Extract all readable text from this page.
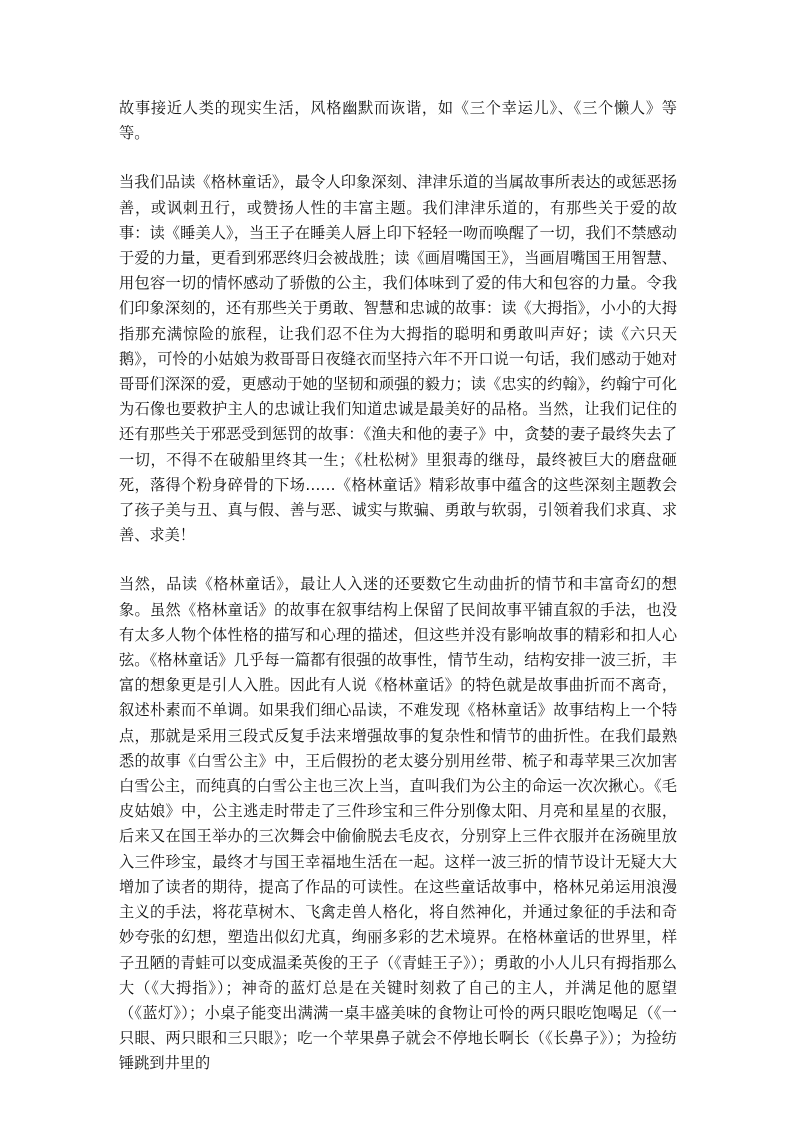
故事接近人类的现实生活，风格幽默而诙谐，如《三个幸运儿》、《三个懒人》等等。

当我们品读《格林童话》，最令人印象深刻、津津乐道的当属故事所表达的或惩恶扬善，或讽刺丑行，或赞扬人性的丰富主题。我们津津乐道的，有那些关于爱的故事：读《睡美人》，当王子在睡美人唇上印下轻轻一吻而唤醒了一切，我们不禁感动于爱的力量，更看到邪恶终归会被战胜；读《画眉嘴国王》，当画眉嘴国王用智慧、用包容一切的情怀感动了骄傲的公主，我们体味到了爱的伟大和包容的力量。令我们印象深刻的，还有那些关于勇敢、智慧和忠诚的故事：读《大拇指》，小小的大拇指那充满惊险的旅程，让我们忍不住为大拇指的聪明和勇敢叫声好；读《六只天鹅》，可怜的小姑娘为救哥哥日夜缝衣而坚持六年不开口说一句话，我们感动于她对哥哥们深深的爱，更感动于她的坚韧和顽强的毅力；读《忠实的约翰》，约翰宁可化为石像也要救护主人的忠诚让我们知道忠诚是最美好的品格。当然，让我们记住的还有那些关于邪恶受到惩罚的故事：《渔夫和他的妻子》中，贪婪的妻子最终失去了一切，不得不在破船里终其一生；《杜松树》里狠毒的继母，最终被巨大的磨盘砸死，落得个粉身碎骨的下场……《格林童话》精彩故事中蕴含的这些深刻主题教会了孩子美与丑、真与假、善与恶、诚实与欺骗、勇敢与软弱，引领着我们求真、求善、求美！

当然，品读《格林童话》，最让人入迷的还要数它生动曲折的情节和丰富奇幻的想象。虽然《格林童话》的故事在叙事结构上保留了民间故事平铺直叙的手法，也没有太多人物个体性格的描写和心理的描述，但这些并没有影响故事的精彩和扣人心弦。《格林童话》几乎每一篇都有很强的故事性，情节生动，结构安排一波三折，丰富的想象更是引人入胜。因此有人说《格林童话》的特色就是故事曲折而不离奇，叙述朴素而不单调。如果我们细心品读，不难发现《格林童话》故事结构上一个特点，那就是采用三段式反复手法来增强故事的复杂性和情节的曲折性。在我们最熟悉的故事《白雪公主》中，王后假扮的老太婆分别用丝带、梳子和毒苹果三次加害白雪公主，而纯真的白雪公主也三次上当，直叫我们为公主的命运一次次揪心。《毛皮姑娘》中，公主逃走时带走了三件珍宝和三件分别像太阳、月亮和星星的衣服，后来又在国王举办的三次舞会中偷偷脱去毛皮衣，分别穿上三件衣服并在汤碗里放入三件珍宝，最终才与国王幸福地生活在一起。这样一波三折的情节设计无疑大大增加了读者的期待，提高了作品的可读性。在这些童话故事中，格林兄弟运用浪漫主义的手法，将花草树木、飞禽走兽人格化，将自然神化，并通过象征的手法和奇妙夸张的幻想，塑造出似幻尤真，绚丽多彩的艺术境界。在格林童话的世界里，样子丑陋的青蛙可以变成温柔英俊的王子（《青蛙王子》）；勇敢的小人儿只有拇指那么大（《大拇指》）；神奇的蓝灯总是在关键时刻救了自己的主人，并满足他的愿望（《蓝灯》）；小桌子能变出满满一桌丰盛美味的食物让可怜的两只眼吃饱喝足（《一只眼、两只眼和三只眼》；吃一个苹果鼻子就会不停地长啊长（《长鼻子》）；为捡纺锤跳到井里的
